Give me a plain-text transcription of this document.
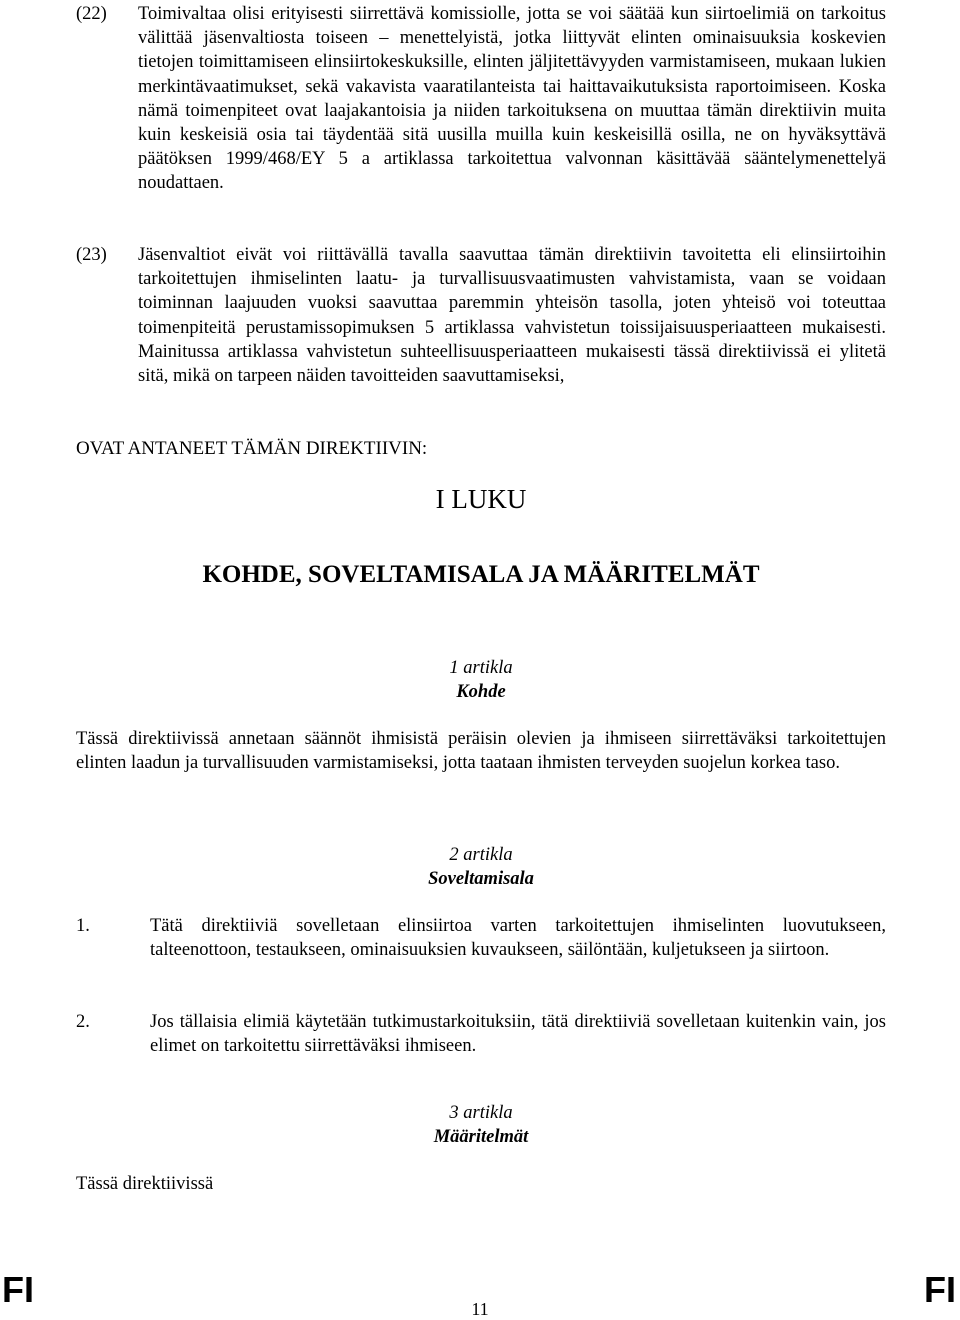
(22)	Toimivaltaa olisi erityisesti siirrettävä komissiolle, jotta se voi säätää kun siirtoelimiä on tarkoitus välittää jäsenvaltiosta toiseen – menettelyistä, jotka liittyvät elinten ominaisuuksia koskevien tietojen toimittamiseen elinsiirtokeskuksille, elinten jäljitettävyyden varmistamiseen, mukaan lukien merkintävaatimukset, sekä vakavista vaaratilanteista tai haittavaikutuksista raportoimiseen. Koska nämä toimenpiteet ovat laajakantoisia ja niiden tarkoituksena on muuttaa tämän direktiivin muita kuin keskeisiä osia tai täydentää sitä uusilla muilla kuin keskeisillä osilla, ne on hyväksyttävä päätöksen 1999/468/EY 5 a artiklassa tarkoitettua valvonnan käsittävää sääntelymenettelyä noudattaen.
(23)	Jäsenvaltiot eivät voi riittävällä tavalla saavuttaa tämän direktiivin tavoitetta eli elinsiirtoihin tarkoitettujen ihmiselinten laatu- ja turvallisuusvaatimusten vahvistamista, vaan se voidaan toiminnan laajuuden vuoksi saavuttaa paremmin yhteisön tasolla, joten yhteisö voi toteuttaa toimenpiteitä perustamissopimuksen 5 artiklassa vahvistetun toissijaisuusperiaatteen mukaisesti. Mainitussa artiklassa vahvistetun suhteellisuusperiaatteen mukaisesti tässä direktiivissä ei ylitetä sitä, mikä on tarpeen näiden tavoitteiden saavuttamiseksi,
OVAT ANTANEET TÄMÄN DIREKTIIVIN:
I LUKU
KOHDE, SOVELTAMISALA JA MÄÄRITELMÄT
1 artikla
Kohde
Tässä direktiivissä annetaan säännöt ihmisistä peräisin olevien ja ihmiseen siirrettäväksi tarkoitettujen elinten laadun ja turvallisuuden varmistamiseksi, jotta taataan ihmisten terveyden suojelun korkea taso.
2 artikla
Soveltamisala
1.	Tätä direktiiviä sovelletaan elinsiirtoa varten tarkoitettujen ihmiselinten luovutukseen, talteenottoon, testaukseen, ominaisuuksien kuvaukseen, säilöntään, kuljetukseen ja siirtoon.
2.	Jos tällaisia elimiä käytetään tutkimustarkoituksiin, tätä direktiiviä sovelletaan kuitenkin vain, jos elimet on tarkoitettu siirrettäväksi ihmiseen.
3 artikla
Määritelmät
Tässä direktiivissä
FI	11	FI
